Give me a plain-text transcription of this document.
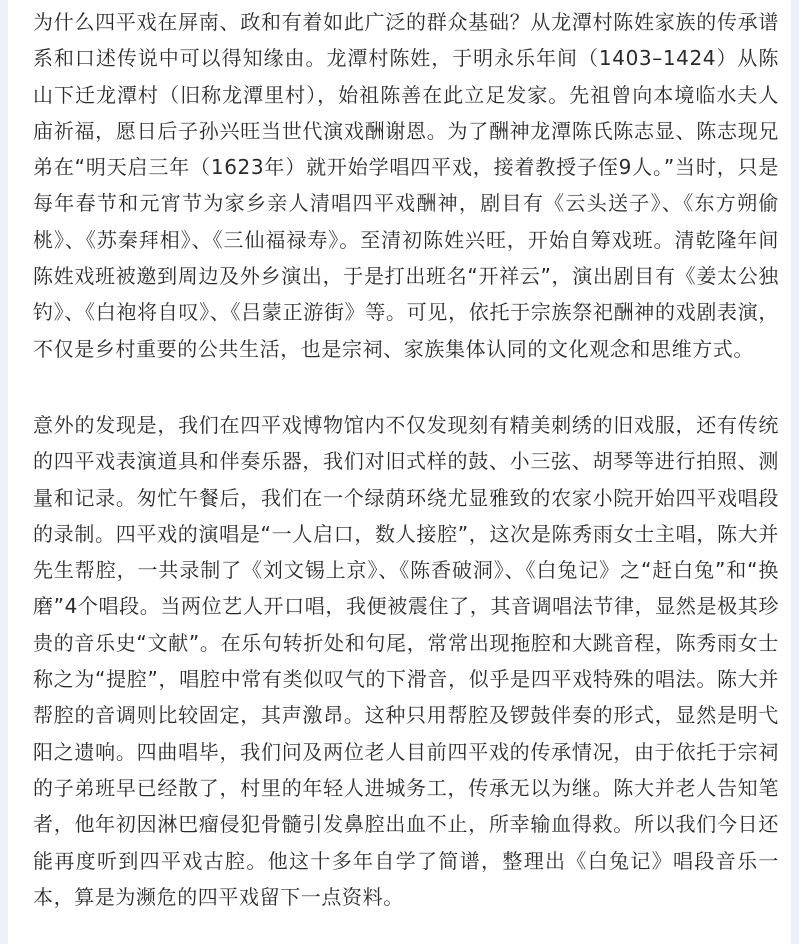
为什么四平戏在屏南、政和有着如此广泛的群众基础？从龙潭村陈姓家族的传承谱系和口述传说中可以得知缘由。龙潭村陈姓，于明永乐年间（1403–1424）从陈山下迁龙潭村（旧称龙潭里村），始祖陈善在此立足发家。先祖曾向本境临水夫人庙祈福，愿日后子孙兴旺当世代演戏酬谢恩。为了酬神龙潭陈氏陈志显、陈志现兄弟在“明天启三年（1623年）就开始学唱四平戏，接着教授子侄9人。”当时，只是每年春节和元宵节为家乡亲人清唱四平戏酬神，剧目有《云头送子》、《东方朔偷桃》、《苏秦拜相》、《三仙福禄寿》。至清初陈姓兴旺，开始自筹戏班。清乾隆年间陈姓戏班被邀到周边及外乡演出，于是打出班名“开祥云”，演出剧目有《姜太公独钓》、《白袍将自叹》、《吕蒙正游街》等。可见，依托于宗族祭祀酬神的戏剧表演，不仅是乡村重要的公共生活，也是宗祠、家族集体认同的文化观念和思维方式。

意外的发现是，我们在四平戏博物馆内不仅发现刻有精美刺绣的旧戏服，还有传统的四平戏表演道具和伴奏乐器，我们对旧式样的鼓、小三弦、胡琴等进行拍照、测量和记录。匆忙午餐后，我们在一个绿荫环绕尤显雅致的农家小院开始四平戏唱段的录制。四平戏的演唱是“一人启口，数人接腔”，这次是陈秀雨女士主唱，陈大并先生帮腔，一共录制了《刘文锡上京》、《陈香破洞》、《白兔记》之“赶白兔”和“换磨”4个唱段。当两位艺人开口唱，我便被震住了，其音调唱法节律，显然是极其珍贵的音乐史“文献”。在乐句转折处和句尾，常常出现拖腔和大跳音程，陈秀雨女士称之为“提腔”，唱腔中常有类似叹气的下滑音，似乎是四平戏特殊的唱法。陈大并帮腔的音调则比较固定，其声激昂。这种只用帮腔及锣鼓伴奏的形式，显然是明弋阳之遗响。四曲唱毕，我们问及两位老人目前四平戏的传承情况，由于依托于宗祠的子弟班早已经散了，村里的年轻人进城务工，传承无以为继。陈大并老人告知笔者，他年初因淋巴瘤侵犯骨髓引发鼻腔出血不止，所幸输血得救。所以我们今日还能再度听到四平戏古腔。他这十多年自学了简谱，整理出《白兔记》唱段音乐一本，算是为濒危的四平戏留下一点资料。
